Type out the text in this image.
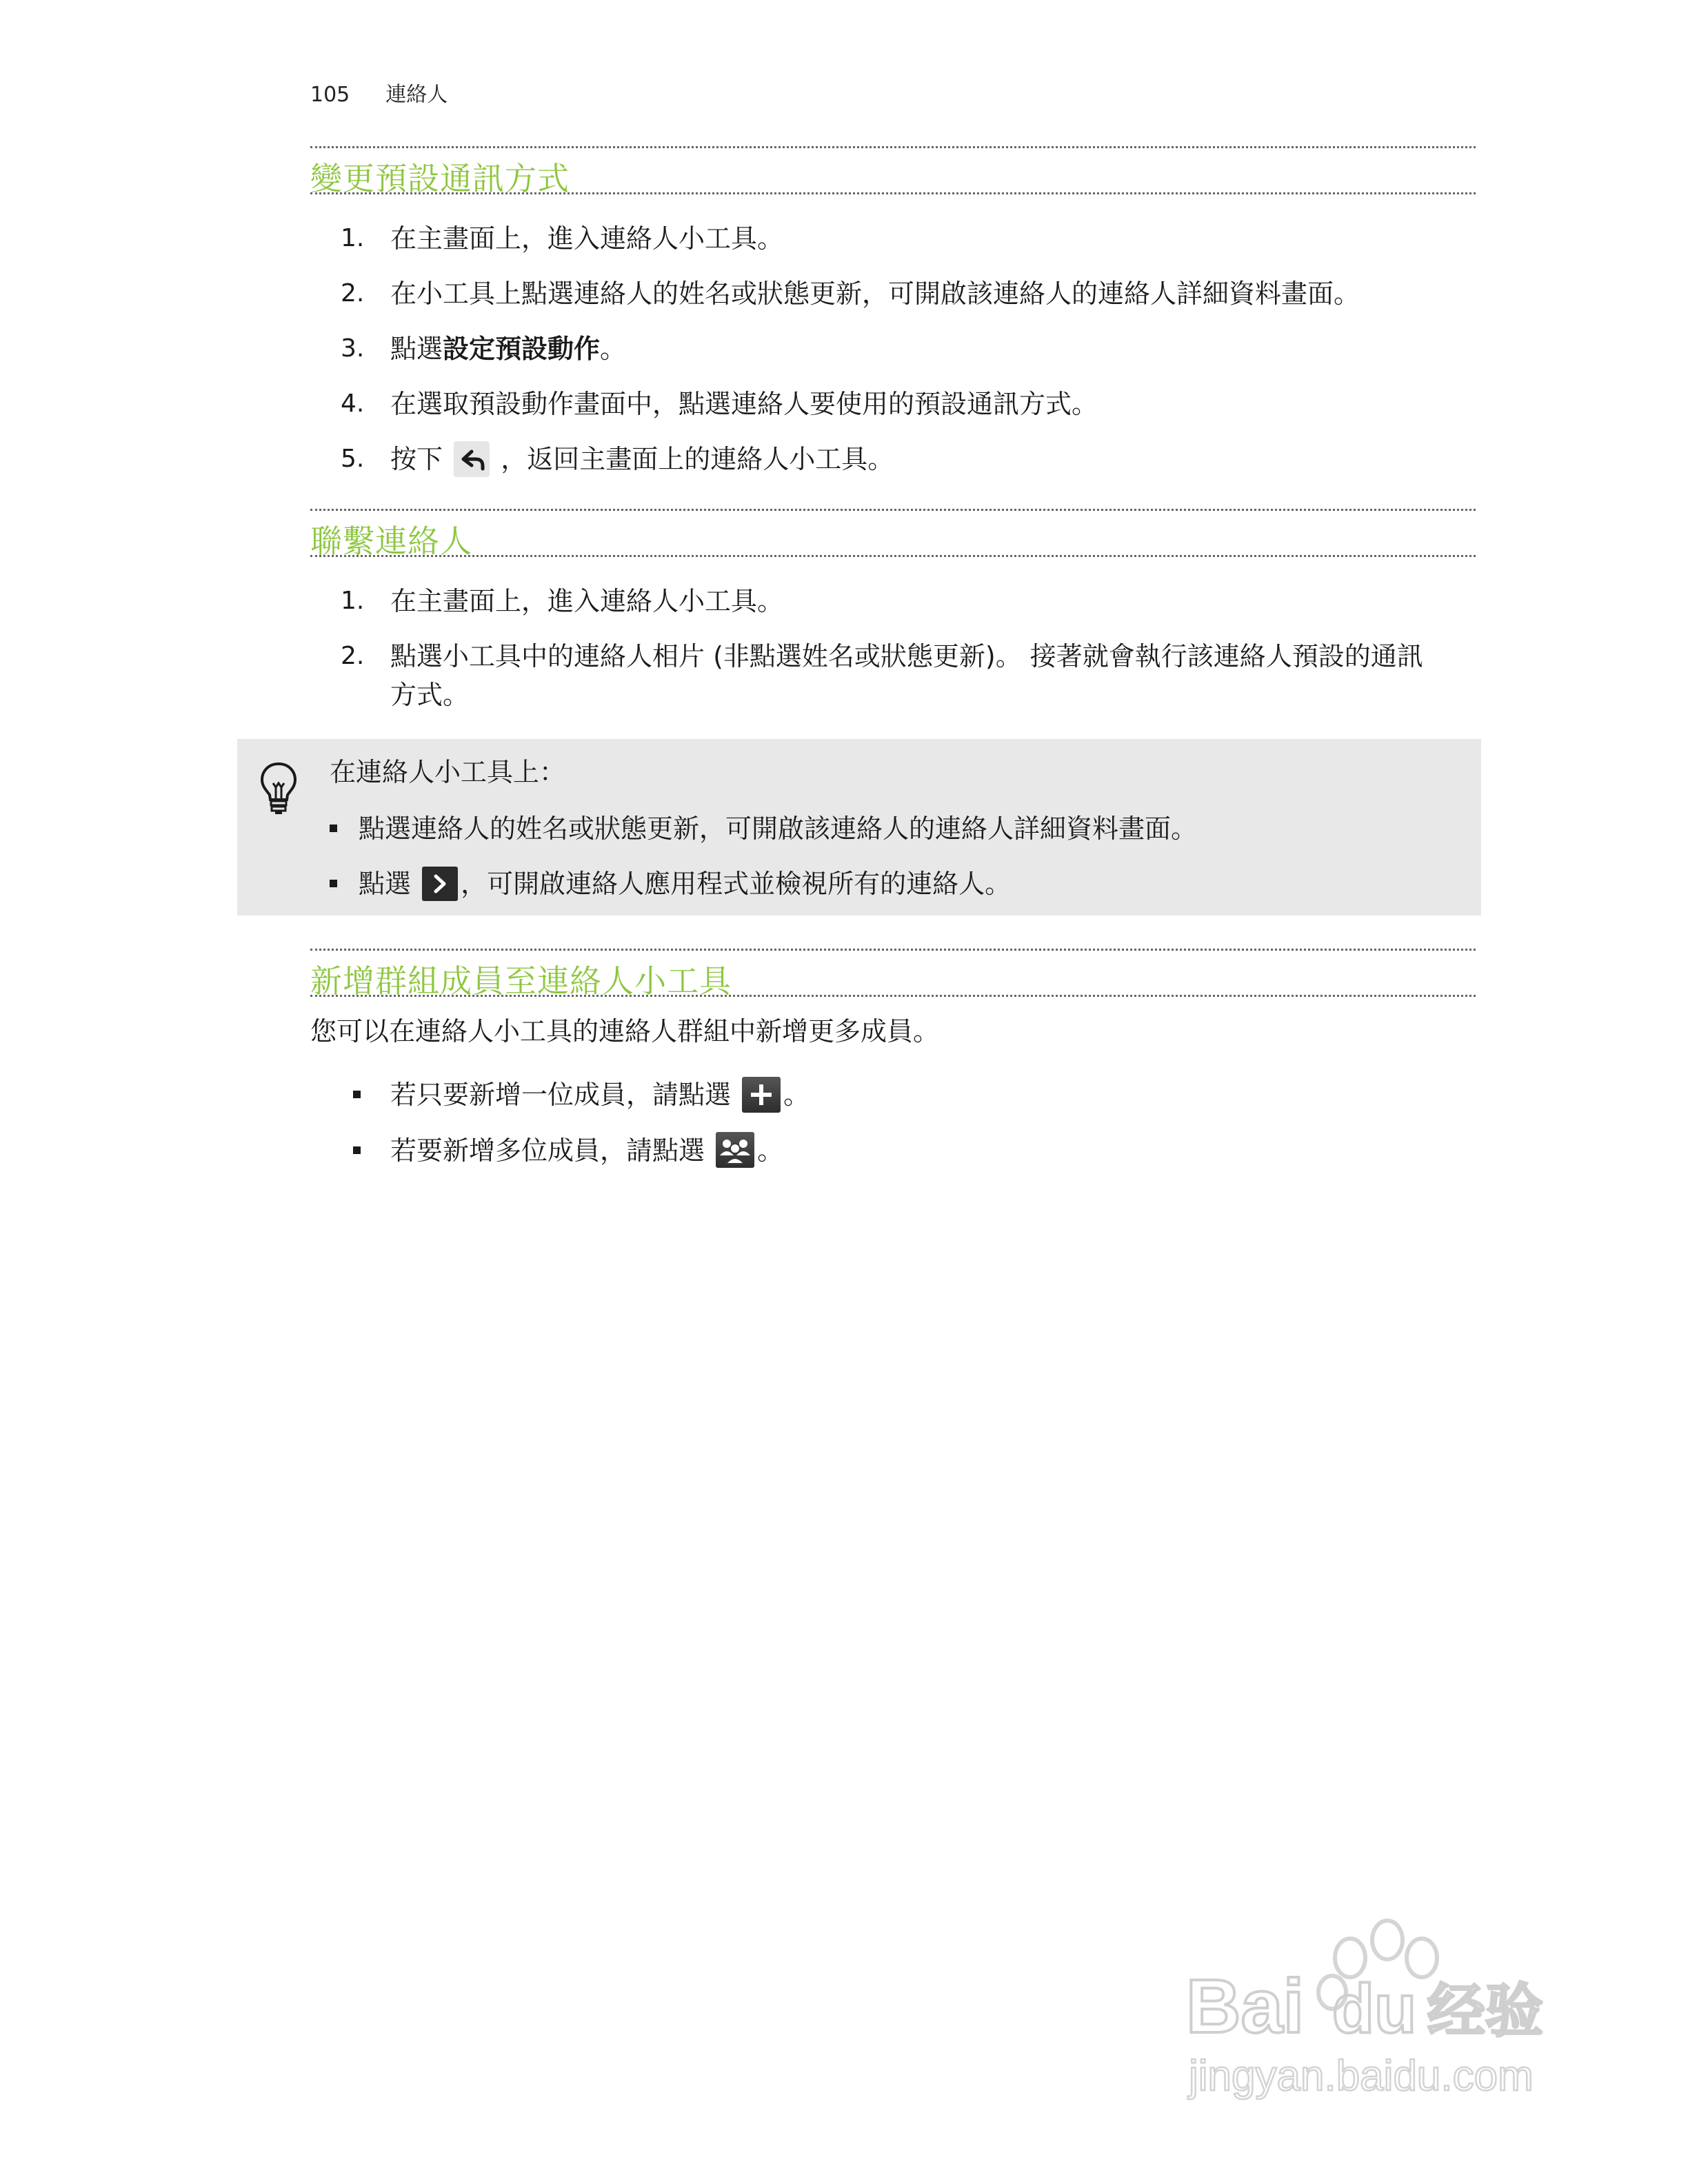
105 連絡人
變更預設通訊方式
1. 在主畫面上，進入連絡人小工具。
2. 在小工具上點選連絡人的姓名或狀態更新，可開啟該連絡人的連絡人詳細資料畫面。
3. 點選設定預設動作。
4. 在選取預設動作畫面中，點選連絡人要使用的預設通訊方式。
5. 按下 ，返回主畫面上的連絡人小工具。
聯繫連絡人
1. 在主畫面上，進入連絡人小工具。
2. 點選小工具中的連絡人相片 (非點選姓名或狀態更新)。 接著就會執行該連絡人預設的通訊
方式。
在連絡人小工具上：
點選連絡人的姓名或狀態更新，可開啟該連絡人的連絡人詳細資料畫面。
點選 ，可開啟連絡人應用程式並檢視所有的連絡人。
新增群組成員至連絡人小工具
您可以在連絡人小工具的連絡人群組中新增更多成員。
若只要新增一位成員，請點選 。
若要新增多位成員，請點選 。
Bai du 经验
jingyan.baidu.com
